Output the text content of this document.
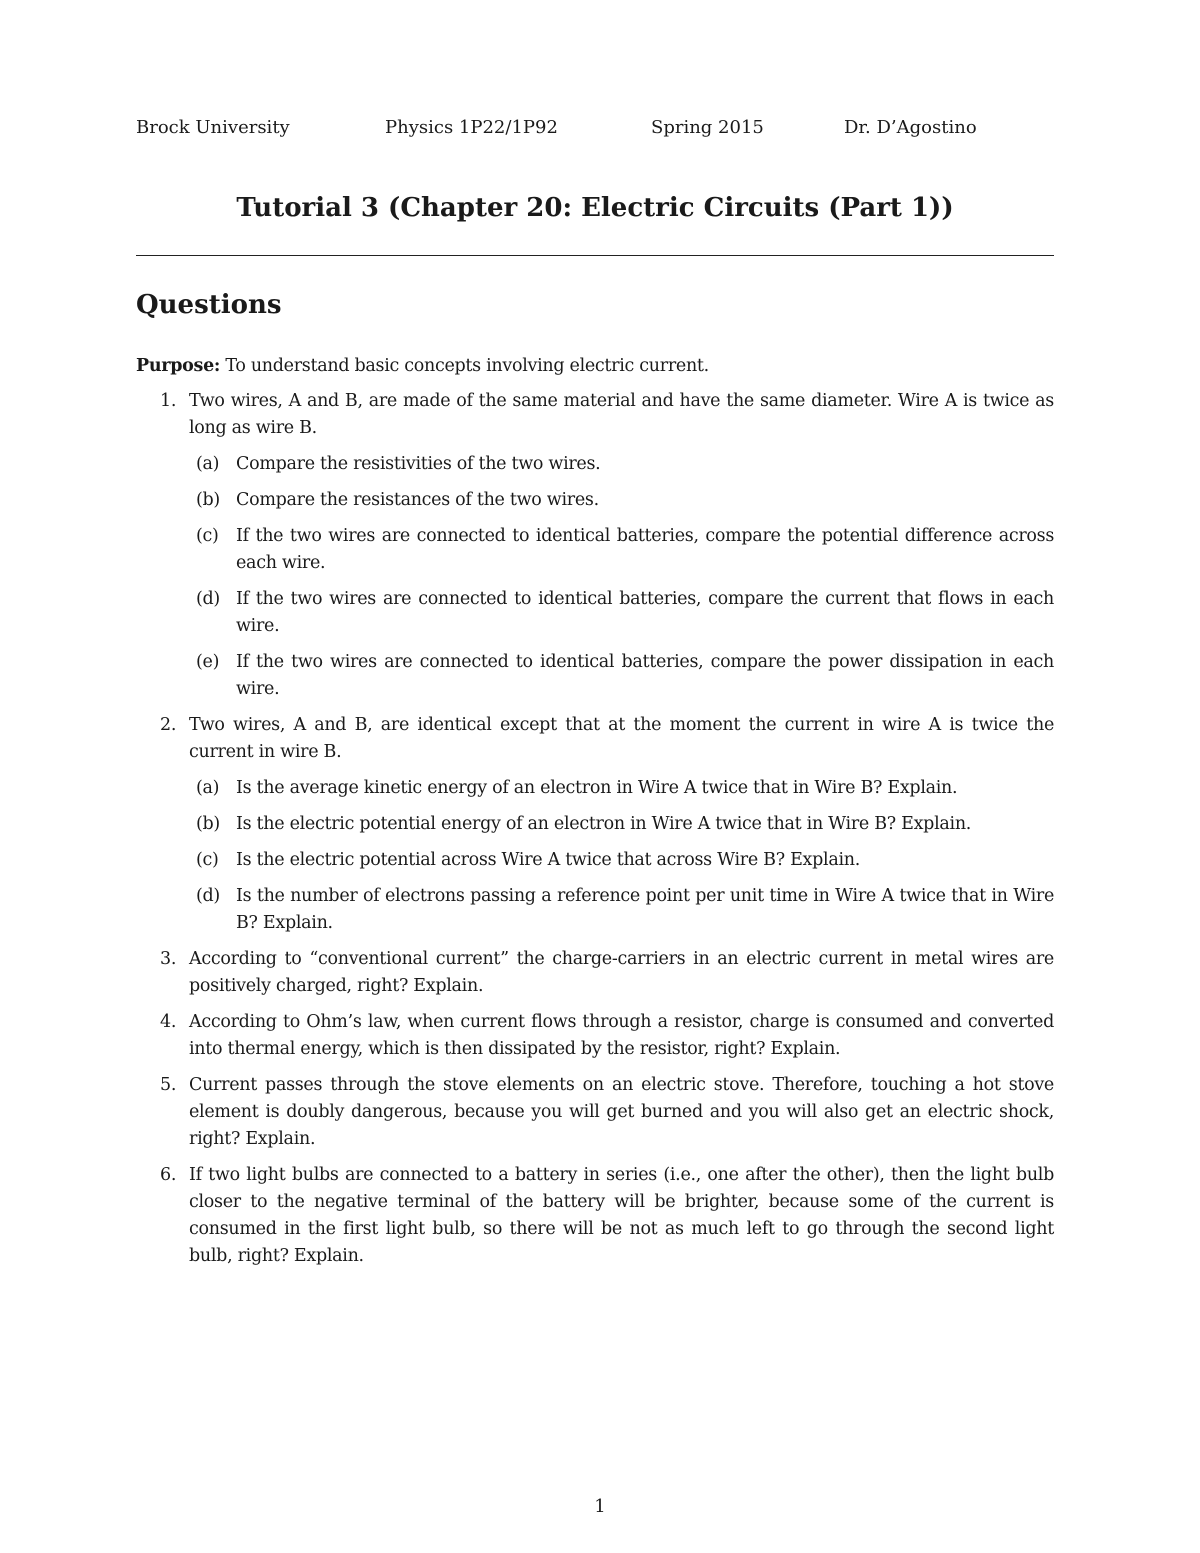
Brock University	Physics 1P22/1P92	Spring 2015	Dr. D’Agostino
Tutorial 3 (Chapter 20: Electric Circuits (Part 1))
Questions

Purpose: To understand basic concepts involving electric current.

1. Two wires, A and B, are made of the same material and have the same diameter. Wire A is twice as long as wire B.
(a) Compare the resistivities of the two wires.
(b) Compare the resistances of the two wires.
(c) If the two wires are connected to identical batteries, compare the potential difference across each wire.
(d) If the two wires are connected to identical batteries, compare the current that flows in each wire.
(e) If the two wires are connected to identical batteries, compare the power dissipation in each wire.
2. Two wires, A and B, are identical except that at the moment the current in wire A is twice the current in wire B.
(a) Is the average kinetic energy of an electron in Wire A twice that in Wire B? Explain.
(b) Is the electric potential energy of an electron in Wire A twice that in Wire B? Explain.
(c) Is the electric potential across Wire A twice that across Wire B? Explain.
(d) Is the number of electrons passing a reference point per unit time in Wire A twice that in Wire B? Explain.
3. According to “conventional current” the charge-carriers in an electric current in metal wires are positively charged, right? Explain.
4. According to Ohm’s law, when current flows through a resistor, charge is consumed and converted into thermal energy, which is then dissipated by the resistor, right? Explain.
5. Current passes through the stove elements on an electric stove. Therefore, touching a hot stove element is doubly dangerous, because you will get burned and you will also get an electric shock, right? Explain.
6. If two light bulbs are connected to a battery in series (i.e., one after the other), then the light bulb closer to the negative terminal of the battery will be brighter, because some of the current is consumed in the first light bulb, so there will be not as much left to go through the second light bulb, right? Explain.
1
